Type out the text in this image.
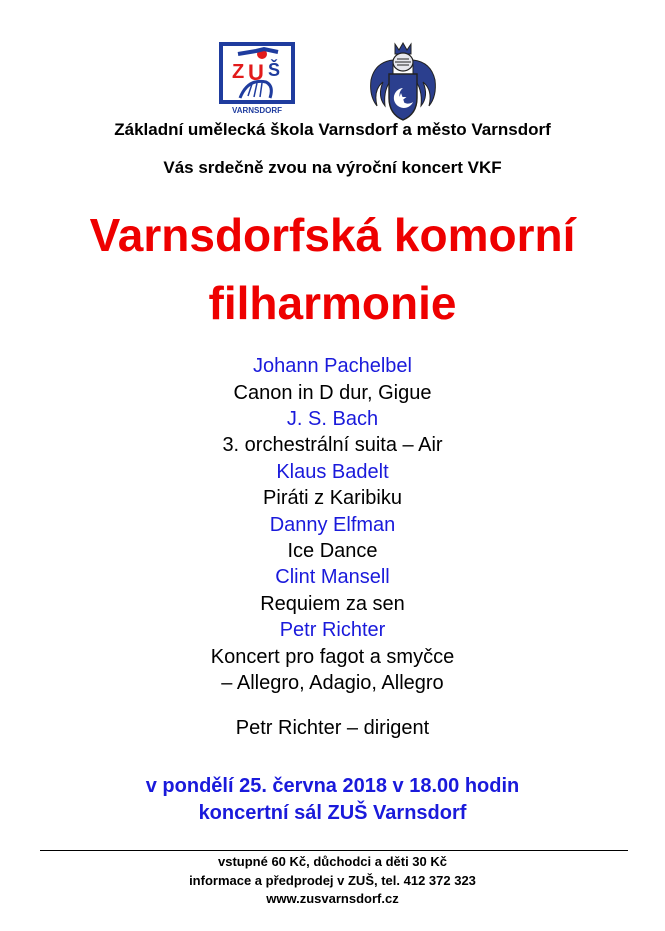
Z U Š
VARNSDORF
Základní umělecká škola Varnsdorf a město Varnsdorf
Vás srdečně zvou na výroční koncert VKF
Varnsdorfská komorní
filharmonie
Johann Pachelbel
Canon in D dur, Gigue
J. S. Bach
3. orchestrální suita – Air
Klaus Badelt
Piráti z Karibiku
Danny Elfman
Ice Dance
Clint Mansell
Requiem za sen
Petr Richter
Koncert pro fagot a smyčce
– Allegro, Adagio, Allegro
Petr Richter – dirigent
v pondělí 25. června 2018 v 18.00 hodin
koncertní sál ZUŠ Varnsdorf
vstupné 60 Kč, důchodci a děti 30 Kč
informace a předprodej v ZUŠ, tel. 412 372 323
www.zusvarnsdorf.cz
